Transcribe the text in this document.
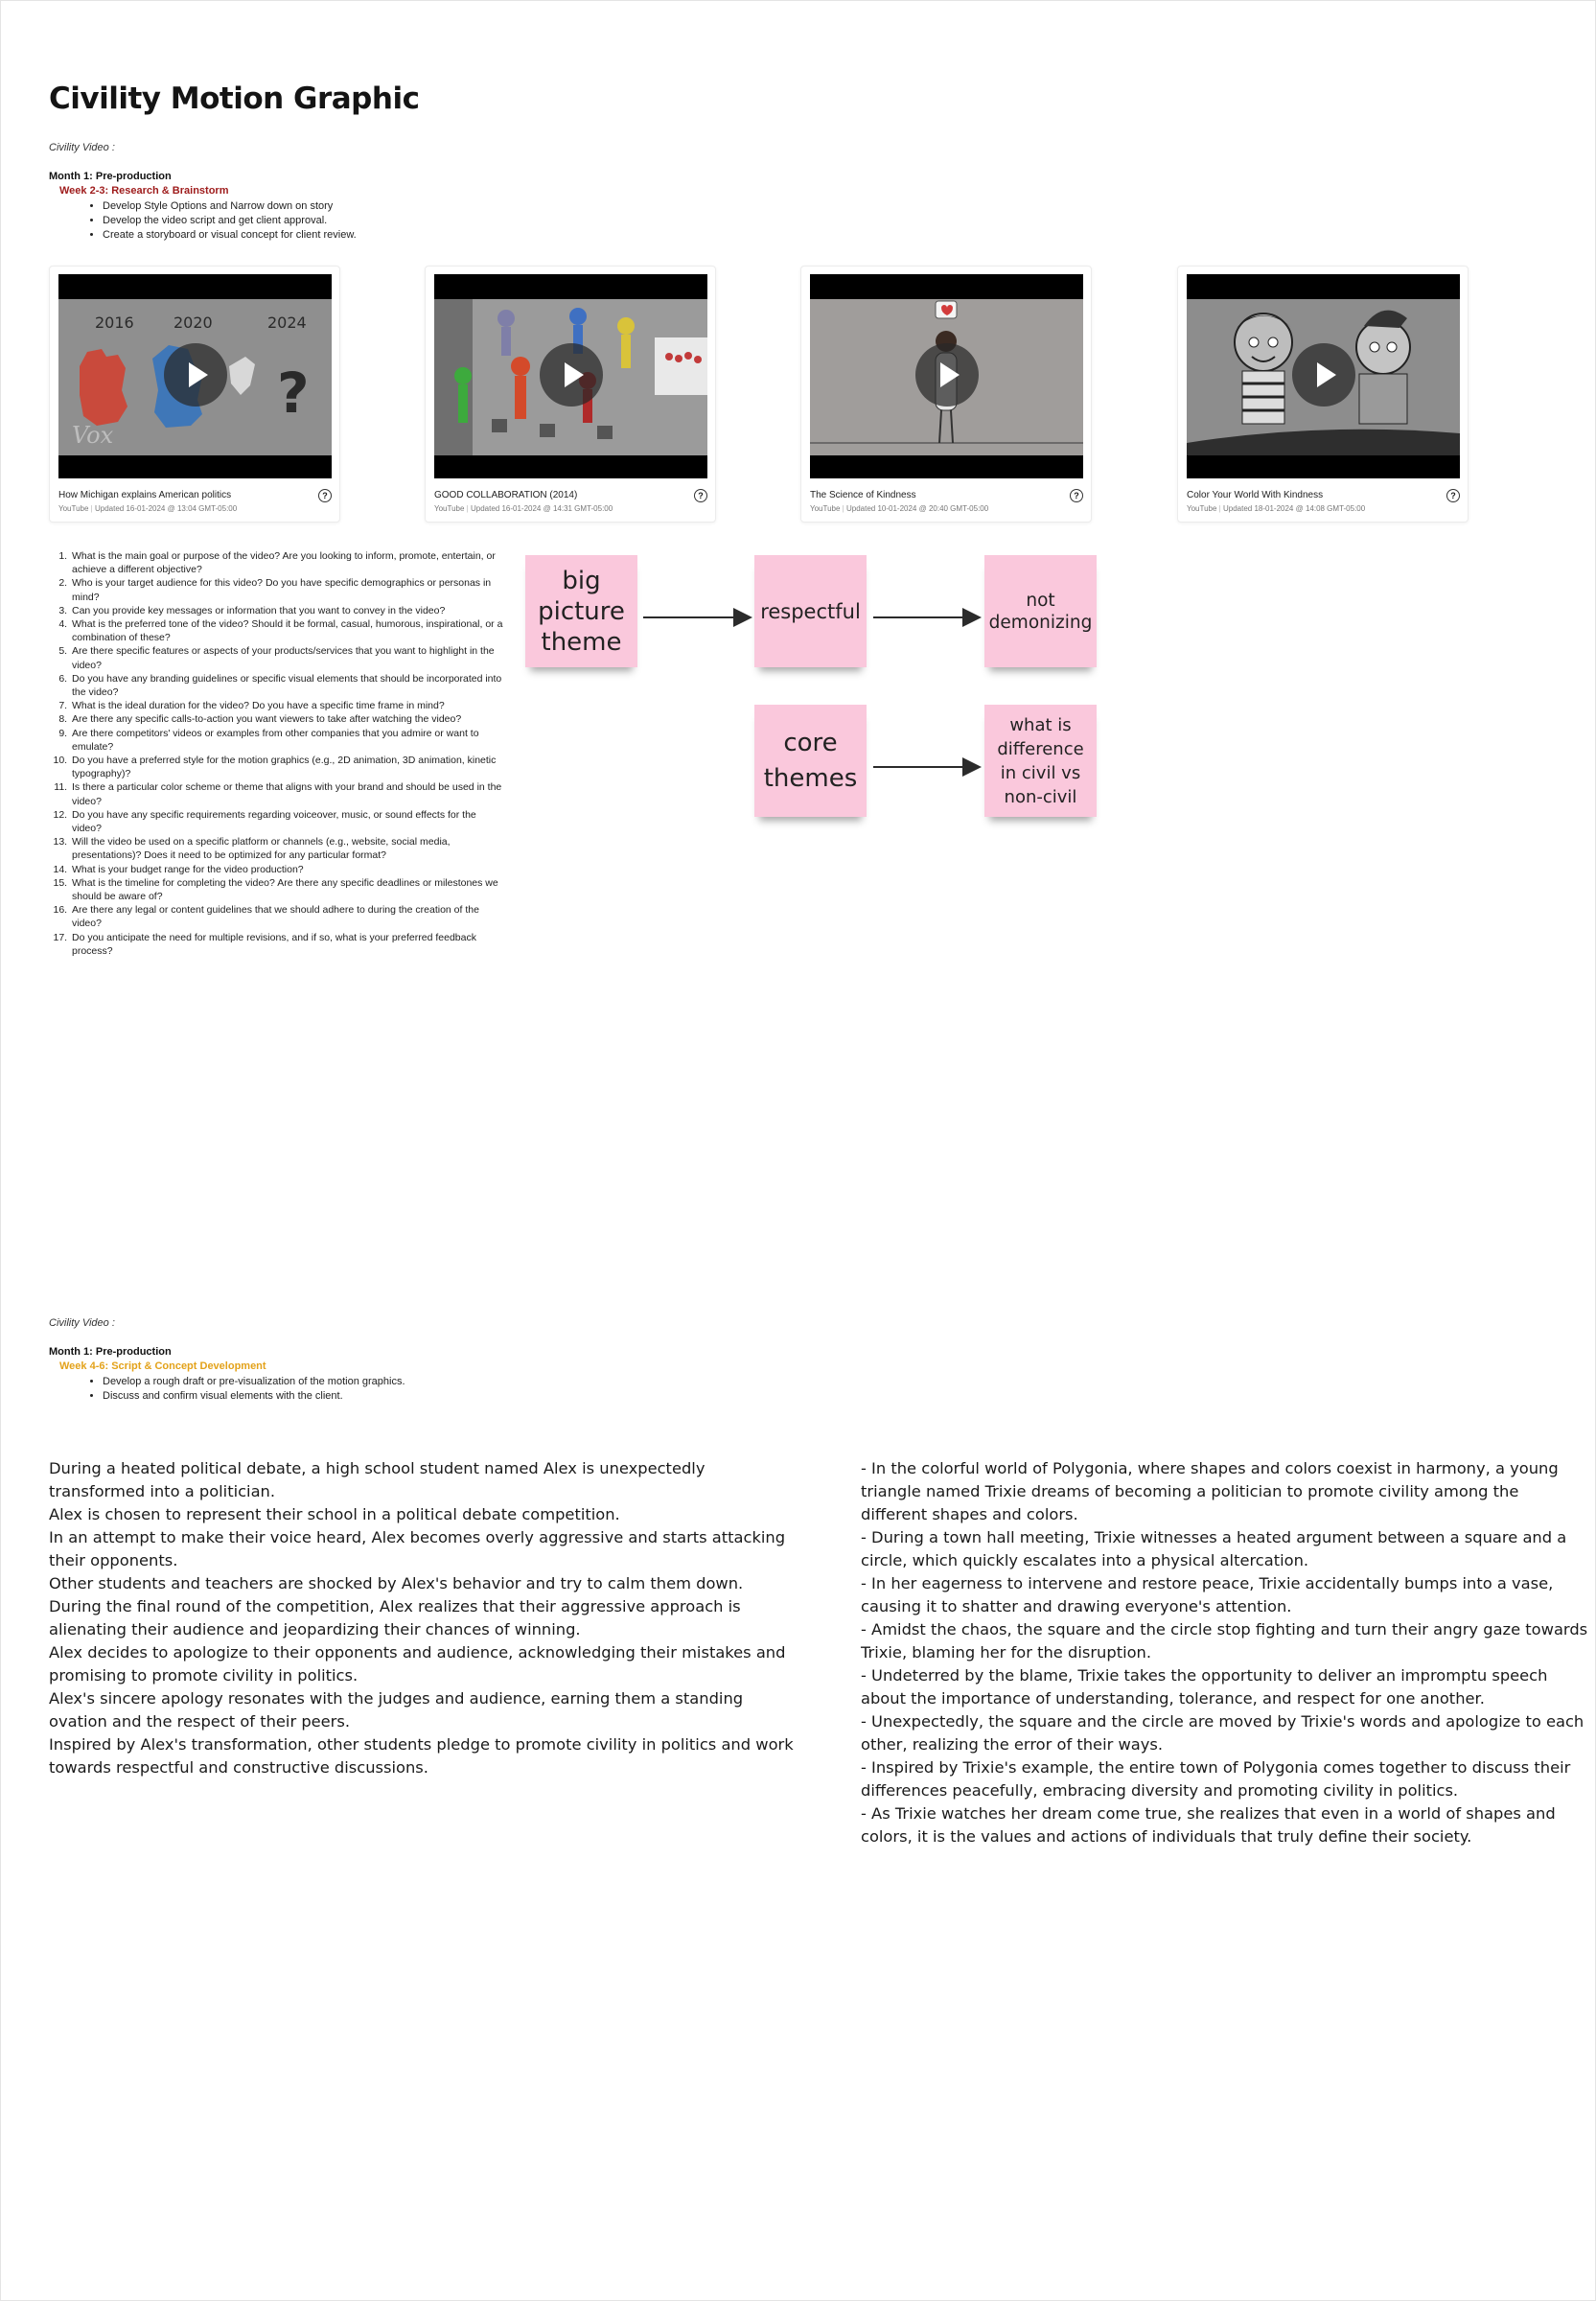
Civility Motion Graphic
Civility Video :
Month 1: Pre-production
Week 2-3: Research & Brainstorm
• Develop Style Options and Narrow down on story
• Develop the video script and get client approval.
• Create a storyboard or visual concept for client review.
2016	2020	2024
?
Vox
How Michigan explains American politics
YouTube | Updated 16-01-2024 @ 13:04 GMT-05:00
?	GOOD COLLABORATION (2014)
YouTube | Updated 16-01-2024 @ 14:31 GMT-05:00
?	The Science of Kindness
YouTube | Updated 10-01-2024 @ 20:40 GMT-05:00
?	Color Your World With Kindness
YouTube | Updated 18-01-2024 @ 14:08 GMT-05:00
?
1. What is the main goal or purpose of the video? Are you looking to inform, promote, entertain, or achieve a different objective?
2. Who is your target audience for this video? Do you have specific demographics or personas in mind?
3. Can you provide key messages or information that you want to convey in the video?
4. What is the preferred tone of the video? Should it be formal, casual, humorous, inspirational, or a combination of these?
5. Are there specific features or aspects of your products/services that you want to highlight in the video?
6. Do you have any branding guidelines or specific visual elements that should be incorporated into the video?
7. What is the ideal duration for the video? Do you have a specific time frame in mind?
8. Are there any specific calls-to-action you want viewers to take after watching the video?
9. Are there competitors' videos or examples from other companies that you admire or want to emulate?
10. Do you have a preferred style for the motion graphics (e.g., 2D animation, 3D animation, kinetic typography)?
11. Is there a particular color scheme or theme that aligns with your brand and should be used in the video?
12. Do you have any specific requirements regarding voiceover, music, or sound effects for the video?
13. Will the video be used on a specific platform or channels (e.g., website, social media, presentations)? Does it need to be optimized for any particular format?
14. What is your budget range for the video production?
15. What is the timeline for completing the video? Are there any specific deadlines or milestones we should be aware of?
16. Are there any legal or content guidelines that we should adhere to during the creation of the video?
17. Do you anticipate the need for multiple revisions, and if so, what is your preferred feedback process?
big
picture
theme
respectful	not
demonizing
core
themes
what is
difference
in civil vs
non-civil
Civility Video :
Month 1: Pre-production
Week 4-6: Script & Concept Development
• Develop a rough draft or pre-visualization of the motion graphics.
• Discuss and confirm visual elements with the client.
During a heated political debate, a high school student named Alex is unexpectedly transformed into a politician.
Alex is chosen to represent their school in a political debate competition.
In an attempt to make their voice heard, Alex becomes overly aggressive and starts attacking their opponents.
Other students and teachers are shocked by Alex's behavior and try to calm them down.
During the final round of the competition, Alex realizes that their aggressive approach is alienating their audience and jeopardizing their chances of winning.
Alex decides to apologize to their opponents and audience, acknowledging their mistakes and promising to promote civility in politics.
Alex's sincere apology resonates with the judges and audience, earning them a standing ovation and the respect of their peers.
Inspired by Alex's transformation, other students pledge to promote civility in politics and work towards respectful and constructive discussions.
- In the colorful world of Polygonia, where shapes and colors coexist in harmony, a young triangle named Trixie dreams of becoming a politician to promote civility among the different shapes and colors.
- During a town hall meeting, Trixie witnesses a heated argument between a square and a circle, which quickly escalates into a physical altercation.
- In her eagerness to intervene and restore peace, Trixie accidentally bumps into a vase, causing it to shatter and drawing everyone's attention.
- Amidst the chaos, the square and the circle stop fighting and turn their angry gaze towards Trixie, blaming her for the disruption.
- Undeterred by the blame, Trixie takes the opportunity to deliver an impromptu speech about the importance of understanding, tolerance, and respect for one another.
- Unexpectedly, the square and the circle are moved by Trixie's words and apologize to each other, realizing the error of their ways.
- Inspired by Trixie's example, the entire town of Polygonia comes together to discuss their differences peacefully, embracing diversity and promoting civility in politics.
- As Trixie watches her dream come true, she realizes that even in a world of shapes and colors, it is the values and actions of individuals that truly define their society.
